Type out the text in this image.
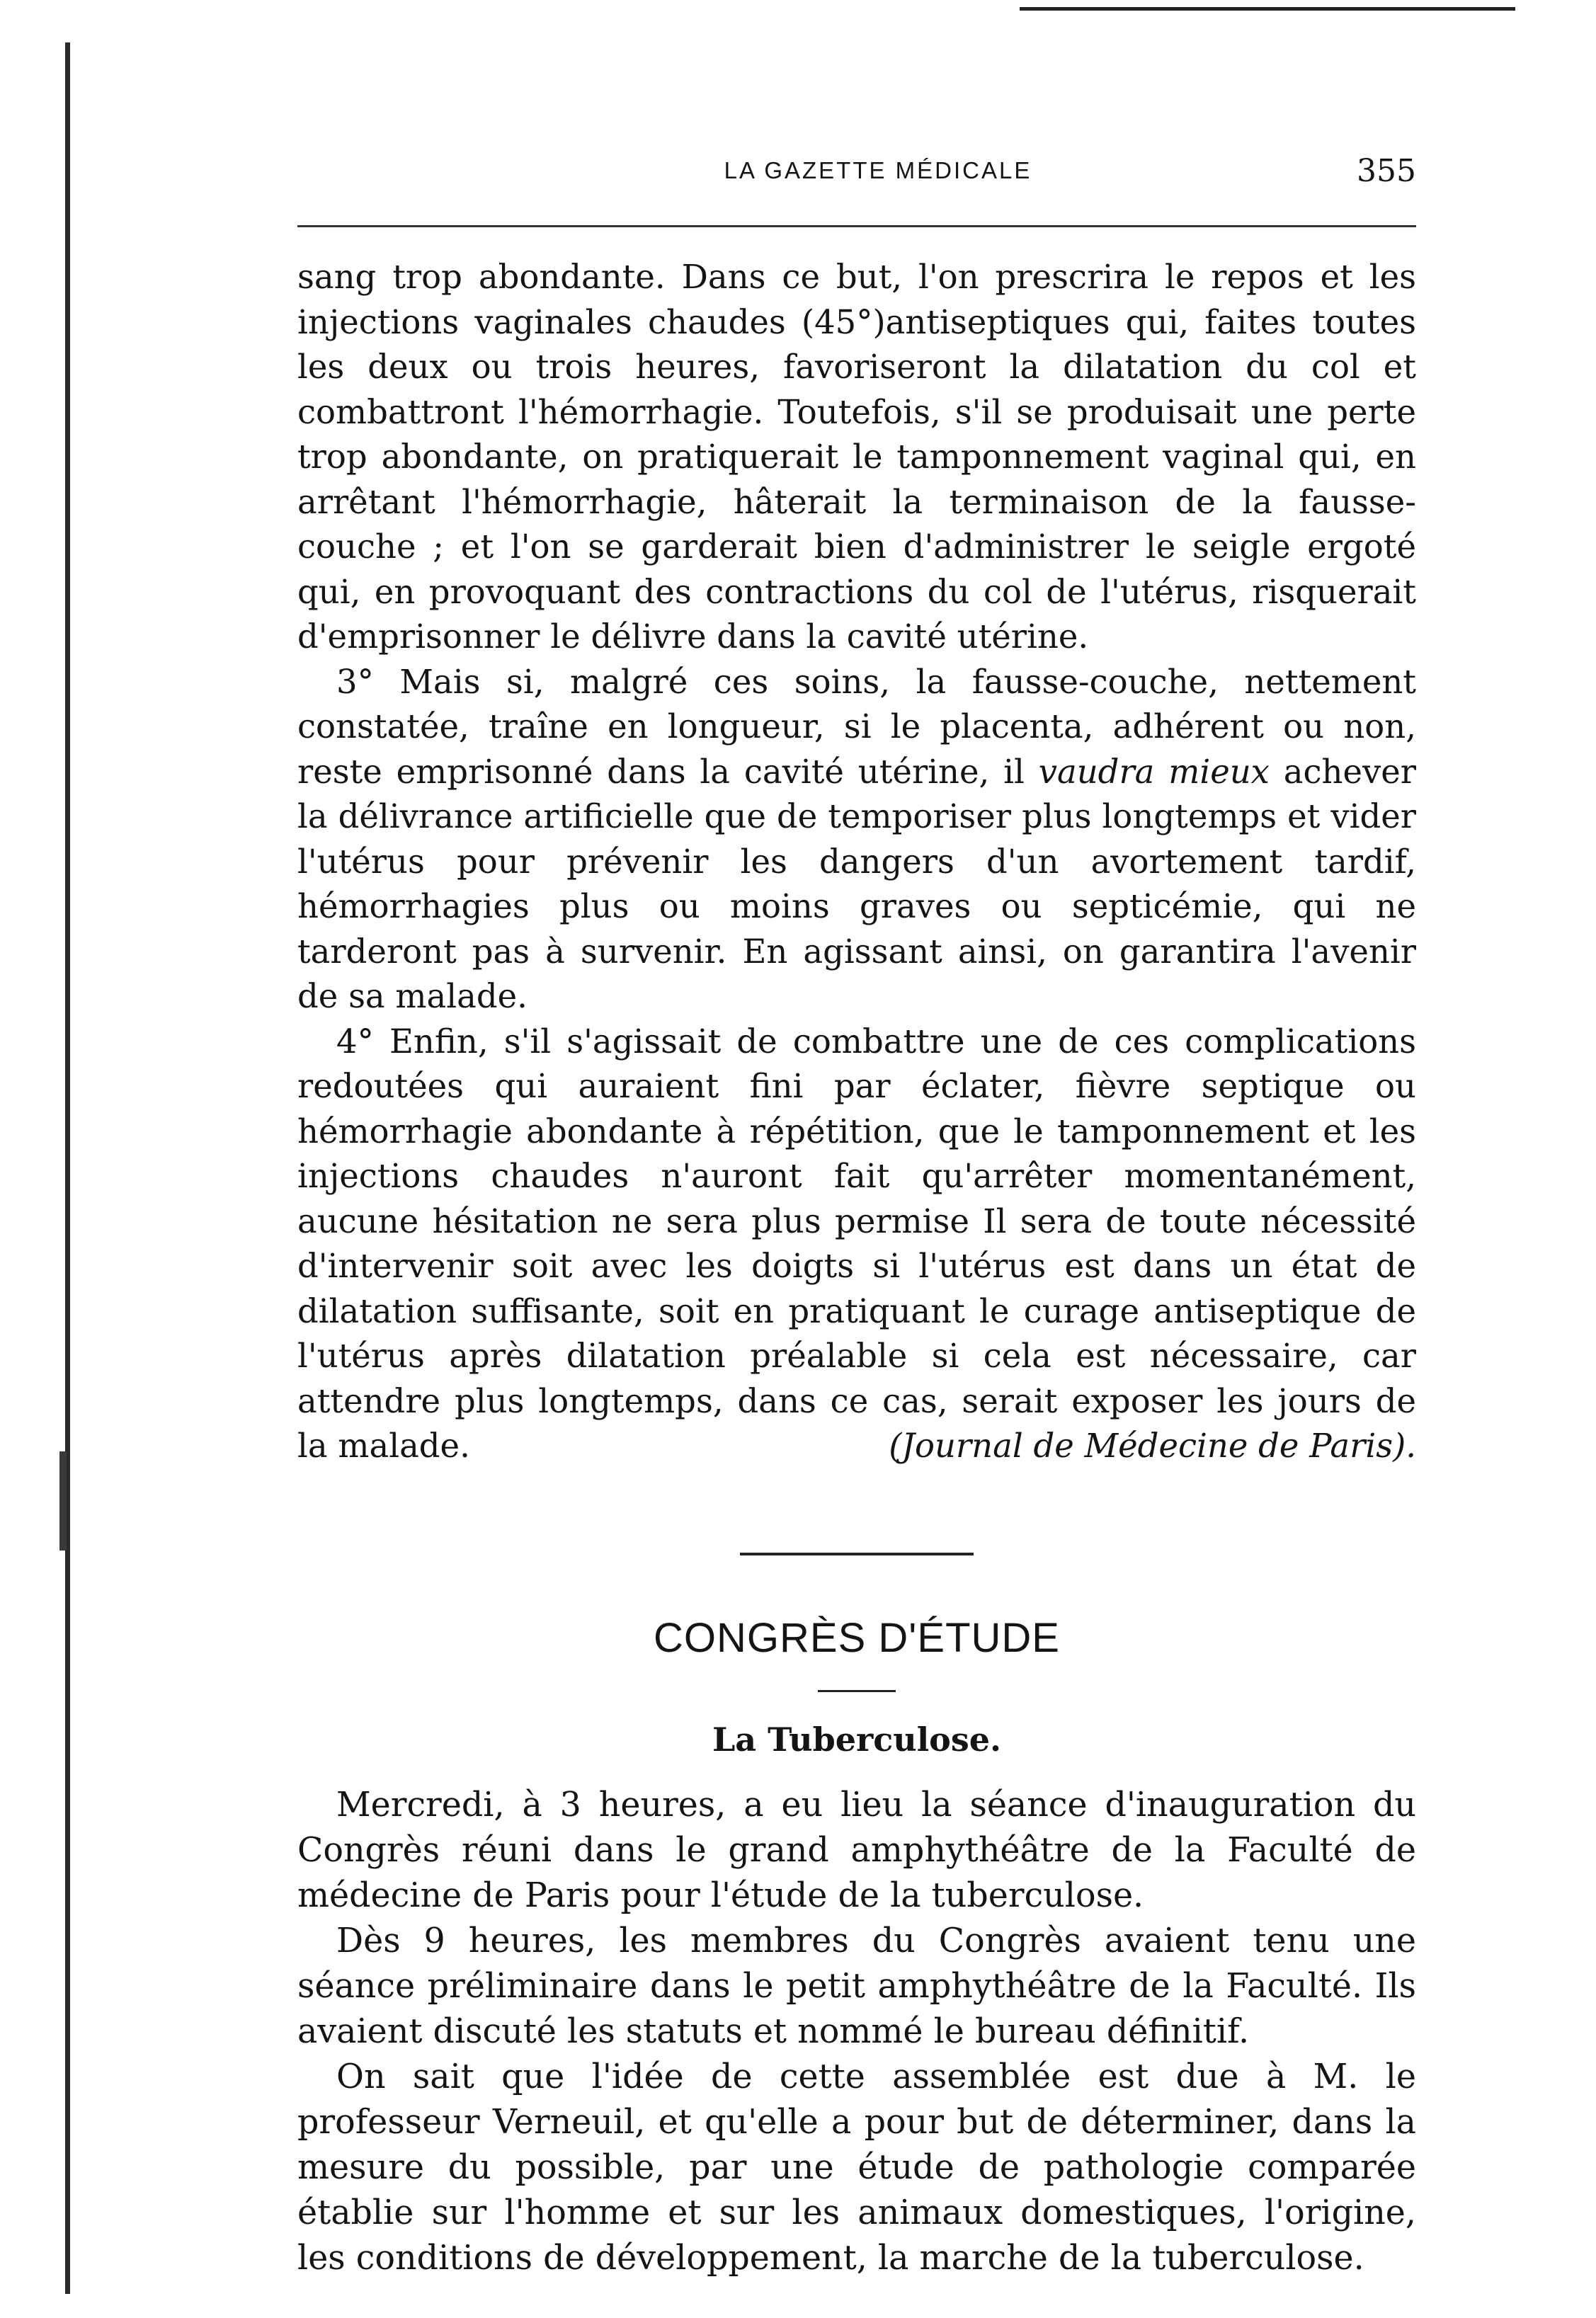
LA GAZETTE MÉDICALE	355

sang trop abondante. Dans ce but, l'on prescrira le repos et les injections vaginales chaudes (45°)antiseptiques qui, faites toutes les deux ou trois heures, favoriseront la dilatation du col et combattront l'hémorrhagie. Toutefois, s'il se produisait une perte trop abondante, on pratiquerait le tamponnement vaginal qui, en arrêtant l'hémorrhagie, hâterait la terminaison de la fausse-couche ; et l'on se garderait bien d'administrer le seigle ergoté qui, en provoquant des contractions du col de l'utérus, risquerait d'emprisonner le délivre dans la cavité utérine.

3° Mais si, malgré ces soins, la fausse-couche, nettement constatée, traîne en longueur, si le placenta, adhérent ou non, reste emprisonné dans la cavité utérine, il vaudra mieux achever la délivrance artificielle que de temporiser plus longtemps et vider l'utérus pour prévenir les dangers d'un avortement tardif, hémorrhagies plus ou moins graves ou septicémie, qui ne tarderont pas à survenir. En agissant ainsi, on garantira l'avenir de sa malade.

4° Enfin, s'il s'agissait de combattre une de ces complications redoutées qui auraient fini par éclater, fièvre septique ou hémorrhagie abondante à répétition, que le tamponnement et les injections chaudes n'auront fait qu'arrêter momentanément, aucune hésitation ne sera plus permise Il sera de toute nécessité d'intervenir soit avec les doigts si l'utérus est dans un état de dilatation suffisante, soit en pratiquant le curage antiseptique de l'utérus après dilatation préalable si cela est nécessaire, car attendre plus longtemps, dans ce cas, serait exposer les jours de la malade.	(Journal de Médecine de Paris).

CONGRÈS D'ÉTUDE
La Tuberculose.

Mercredi, à 3 heures, a eu lieu la séance d'inauguration du Congrès réuni dans le grand amphythéâtre de la Faculté de médecine de Paris pour l'étude de la tuberculose.

Dès 9 heures, les membres du Congrès avaient tenu une séance préliminaire dans le petit amphythéâtre de la Faculté. Ils avaient discuté les statuts et nommé le bureau définitif.

On sait que l'idée de cette assemblée est due à M. le professeur Verneuil, et qu'elle a pour but de déterminer, dans la mesure du possible, par une étude de pathologie comparée établie sur l'homme et sur les animaux domestiques, l'origine, les conditions de développement, la marche de la tuberculose.
